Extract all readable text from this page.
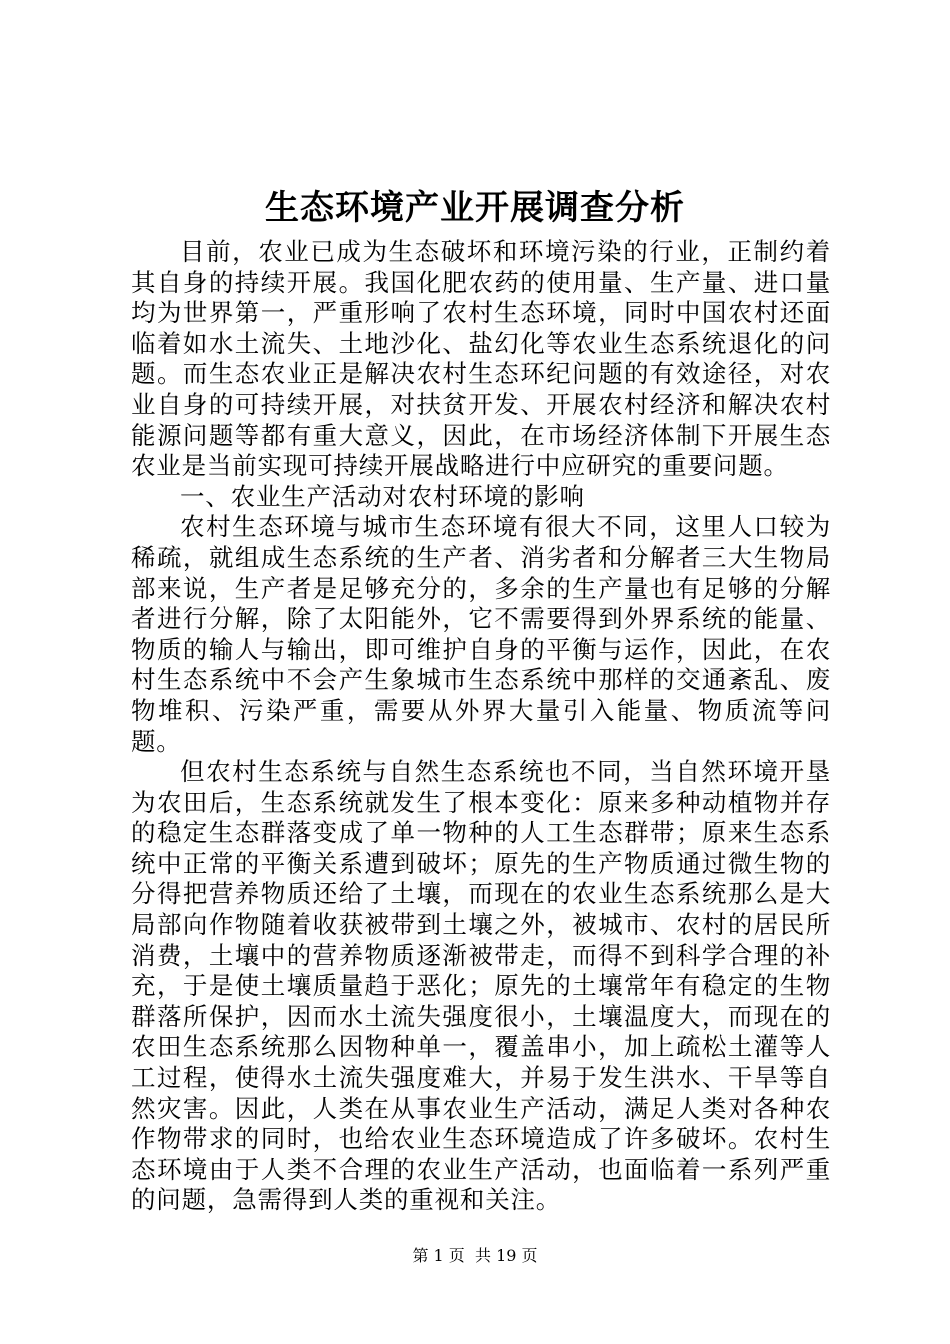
生态环境产业开展调查分析

目前，农业已成为生态破坏和环境污染的行业，正制约着其自身的持续开展。我国化肥农药的使用量、生产量、进口量均为世界第一，严重形响了农村生态环境，同时中国农村还面临着如水土流失、土地沙化、盐幻化等农业生态系统退化的问题。而生态农业正是解决农村生态环纪问题的有效途径，对农业自身的可持续开展，对扶贫开发、开展农村经济和解决农村能源问题等都有重大意义，因此，在市场经济体制下开展生态农业是当前实现可持续开展战略进行中应研究的重要问题。

一、农业生产活动对农村环境的影响

农村生态环境与城市生态环境有很大不同，这里人口较为稀疏，就组成生态系统的生产者、消劣者和分解者三大生物局部来说，生产者是足够充分的，多余的生产量也有足够的分解者进行分解，除了太阳能外，它不需要得到外界系统的能量、物质的输人与输出，即可维护自身的平衡与运作，因此，在农村生态系统中不会产生象城市生态系统中那样的交通紊乱、废物堆积、污染严重，需要从外界大量引入能量、物质流等问题。

但农村生态系统与自然生态系统也不同，当自然环境开垦为农田后，生态系统就发生了根本变化：原来多种动植物并存的稳定生态群落变成了单一物种的人工生态群带；原来生态系统中正常的平衡关系遭到破坏；原先的生产物质通过微生物的分得把营养物质还给了土壤，而现在的农业生态系统那么是大局部向作物随着收获被带到土壤之外，被城市、农村的居民所消费，土壤中的营养物质逐渐被带走，而得不到科学合理的补充，于是使土壤质量趋于恶化；原先的土壤常年有稳定的生物群落所保护，因而水土流失强度很小，土壤温度大，而现在的农田生态系统那么因物种单一，覆盖串小，加上疏松土灌等人工过程，使得水土流失强度难大，并易于发生洪水、干旱等自然灾害。因此，人类在从事农业生产活动，满足人类对各种农作物带求的同时，也给农业生态环境造成了许多破坏。农村生态环境由于人类不合理的农业生产活动，也面临着一系列严重的问题，急需得到人类的重视和关注。

第 1 页 共 19 页
